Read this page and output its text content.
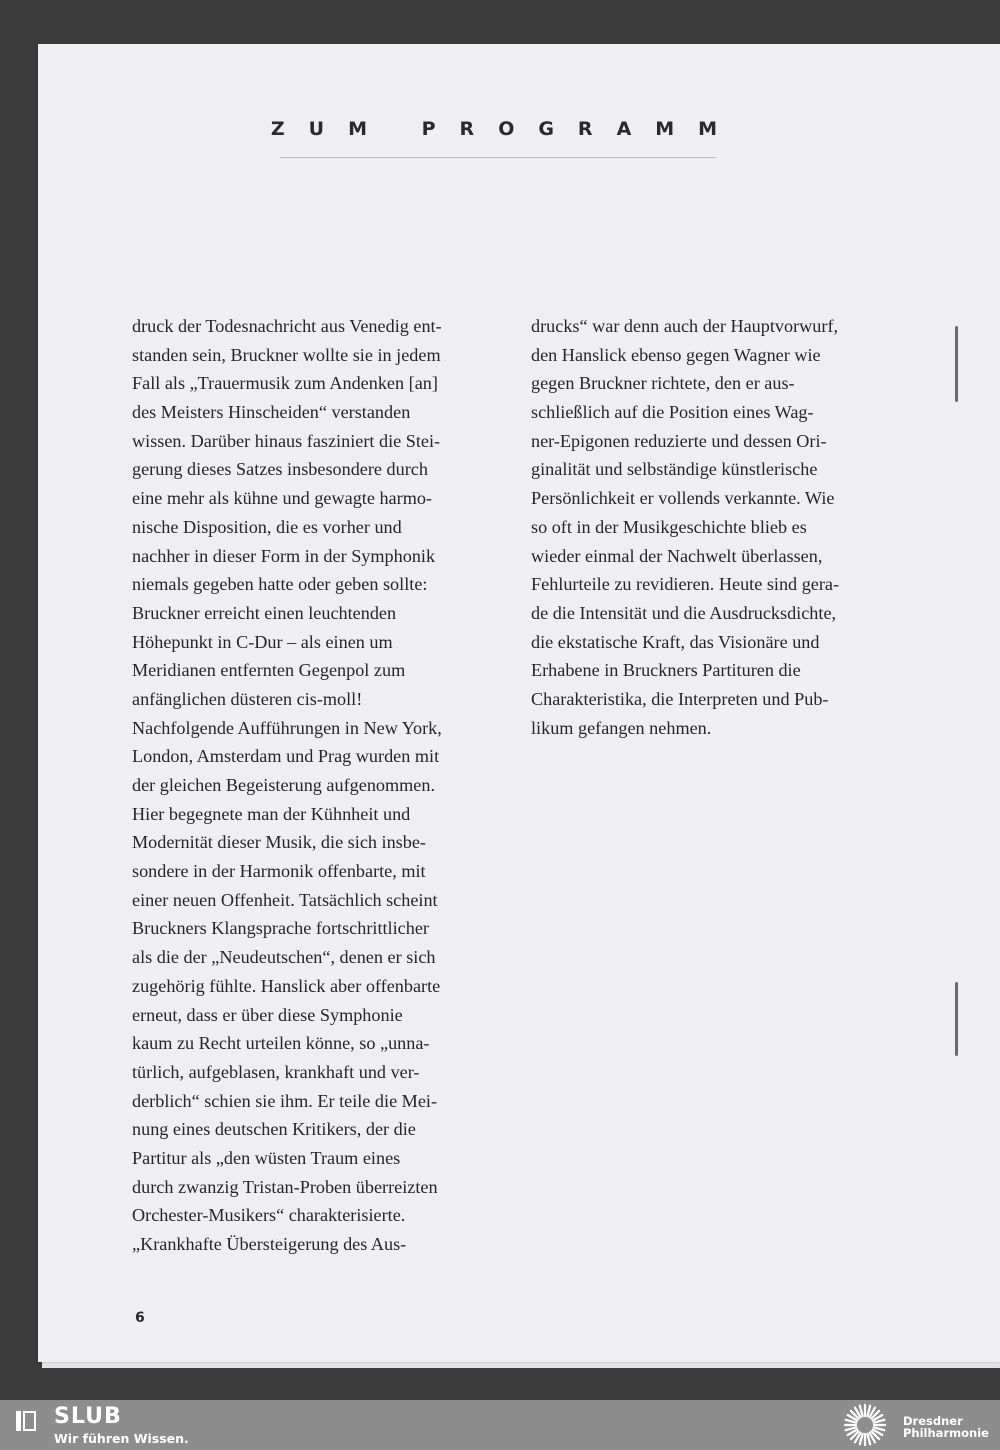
ZUM PROGRAMM
druck der Todesnachricht aus Venedig ent-
standen sein, Bruckner wollte sie in jedem
Fall als „Trauermusik zum Andenken [an]
des Meisters Hinscheiden“ verstanden
wissen. Darüber hinaus fasziniert die Stei-
gerung dieses Satzes insbesondere durch
eine mehr als kühne und gewagte harmo-
nische Disposition, die es vorher und
nachher in dieser Form in der Symphonik
niemals gegeben hatte oder geben sollte:
Bruckner erreicht einen leuchtenden
Höhepunkt in C-Dur – als einen um
Meridianen entfernten Gegenpol zum
anfänglichen düsteren cis-moll!
Nachfolgende Aufführungen in New York,
London, Amsterdam und Prag wurden mit
der gleichen Begeisterung aufgenommen.
Hier begegnete man der Kühnheit und
Modernität dieser Musik, die sich insbe-
sondere in der Harmonik offenbarte, mit
einer neuen Offenheit. Tatsächlich scheint
Bruckners Klangsprache fortschrittlicher
als die der „Neudeutschen“, denen er sich
zugehörig fühlte. Hanslick aber offenbarte
erneut, dass er über diese Symphonie
kaum zu Recht urteilen könne, so „unna-
türlich, aufgeblasen, krankhaft und ver-
derblich“ schien sie ihm. Er teile die Mei-
nung eines deutschen Kritikers, der die
Partitur als „den wüsten Traum eines
durch zwanzig Tristan-Proben überreizten
Orchester-Musikers“ charakterisierte.
„Krankhafte Übersteigerung des Aus-
drucks“ war denn auch der Hauptvorwurf,
den Hanslick ebenso gegen Wagner wie
gegen Bruckner richtete, den er aus-
schließlich auf die Position eines Wag-
ner-Epigonen reduzierte und dessen Ori-
ginalität und selbständige künstlerische
Persönlichkeit er vollends verkannte. Wie
so oft in der Musikgeschichte blieb es
wieder einmal der Nachwelt überlassen,
Fehlurteile zu revidieren. Heute sind gera-
de die Intensität und die Ausdrucksdichte,
die ekstatische Kraft, das Visionäre und
Erhabene in Bruckners Partituren die
Charakteristika, die Interpreten und Pub-
likum gefangen nehmen.
6
SLUB
Wir führen Wissen.
Dresdner
Philharmonie
